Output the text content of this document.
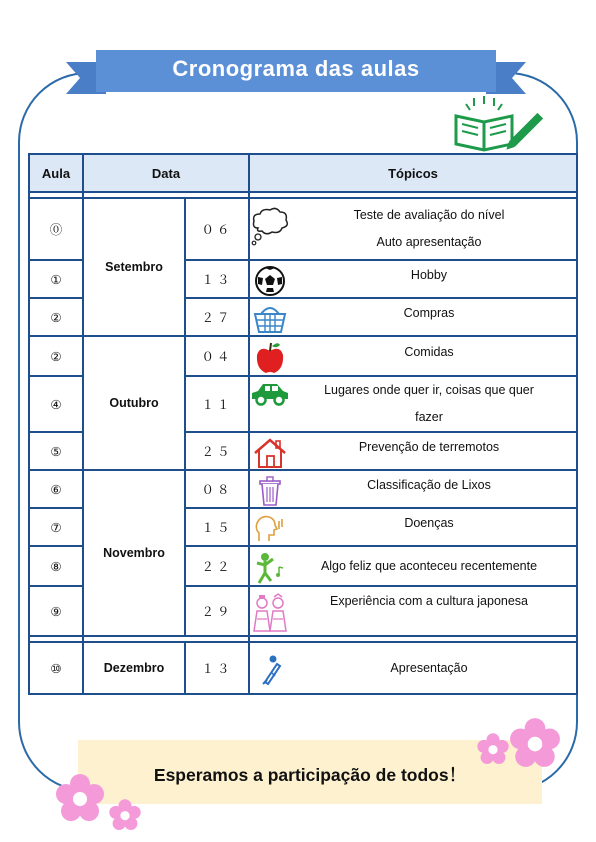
Cronograma das aulas
Aula	Data		Tópicos

⓪	Setembro	０６	Teste de avaliação do nível
Auto apresentação

①		１３	Hobby

②		２７	Compras

②	Outubro	０４	Comidas

④		１１	Lugares onde quer ir, coisas que quer
fazer

⑤		２５	Prevenção de terremotos

⑥	Novembro	０８	Classificação de Lixos

⑦		１５	Doenças

⑧		２２	Algo feliz que aconteceu recentemente

⑨		２９	Experiência com a cultura japonesa

⑩	Dezembro	１３	Apresentação
Esperamos a participação de todos！
